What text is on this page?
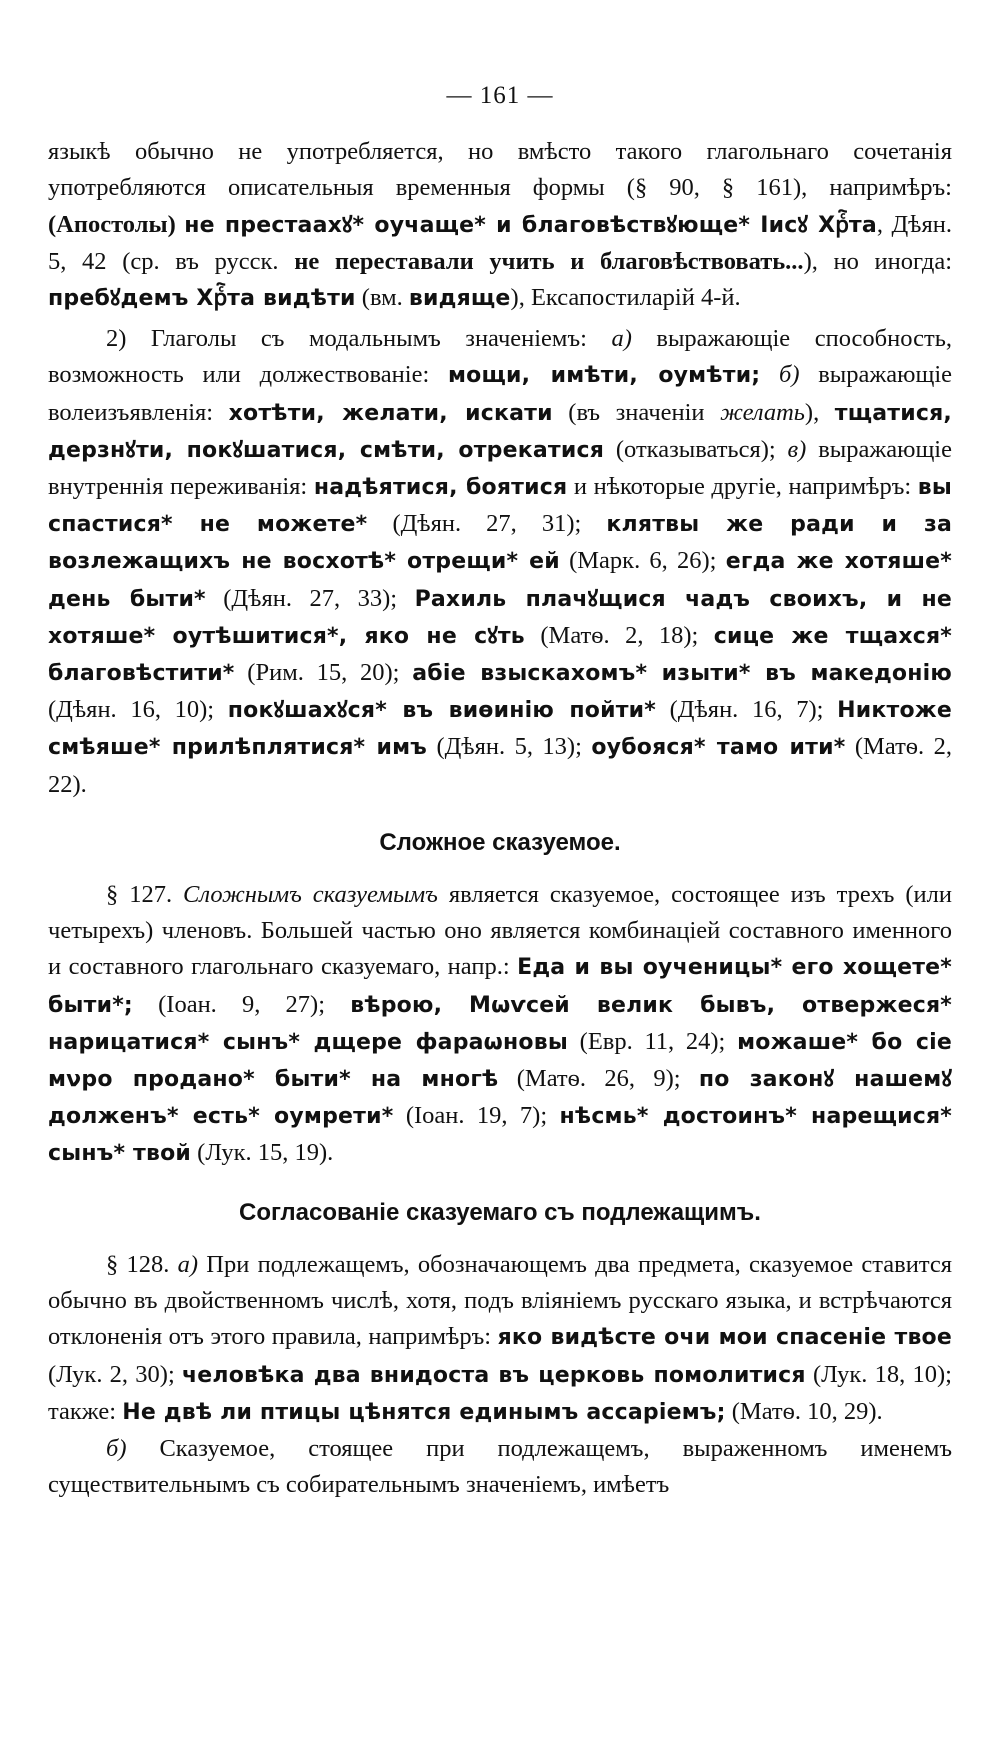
— 161 —

языкѣ обычно не употребляется, но вмѣсто такого глагольнаго сочетанія употребляются описательныя временныя формы (§ 90, § 161), напримѣръ: (Апостолы) не престаахꙋ* оучаще* и благовѣствꙋюще* Іисꙋ Хрⷭ҇та, Дѣян. 5, 42 (ср. въ русск. не переставали учить и благовѣствовать...), но иногда: пребꙋдемъ Хрⷭ҇та видѣти (вм. видяще), Ексапостиларій 4-й.

2) Глаголы съ модальнымъ значеніемъ: а) выражающіе способность, возможность или должествованіе: мощи, имѣти, оумѣти; б) выражающіе волеизъявленія: хотѣти, желати, искати (въ значеніи желать), тщатися, дерзнꙋти, покꙋшатися, смѣти, отрекатися (отказываться); в) выражающіе внутреннія переживанія: надѣятися, боятися и нѣкоторые другіе, напримѣръ: вы спастися* не можете* (Дѣян. 27, 31); клятвы же ради и за возлежащихъ не восхотѣ* отрещи* ей (Марк. 6, 26); егда же хотяше* день быти* (Дѣян. 27, 33); Рахиль плачꙋщися чадъ своихъ, и не хотяше* оутѣшитися*, яко не сꙋть (Матѳ. 2, 18); сице же тщахся* благовѣстити* (Рим. 15, 20); абіе взыскахомъ* изыти* въ македонію (Дѣян. 16, 10); покꙋшахꙋся* въ виѳинію пойти* (Дѣян. 16, 7); Никтоже смѣяше* прилѣплятися* имъ (Дѣян. 5, 13); оубояся* тамо ити* (Матѳ. 2, 22).

Сложное сказуемое.

§ 127. Сложнымъ сказуемымъ является сказуемое, состоящее изъ трехъ (или четырехъ) членовъ. Большей частью оно является комбинаціей составного именного и составного глагольнаго сказуемаго, напр.: Еда и вы оученицы* его хощете* быти*; (Іоан. 9, 27); вѣрою, Мωѵсей велик бывъ, отвержеся* нарицатися* сынъ* дщере фараωновы (Евр. 11, 24); можаше* бо сіе мνро продано* быти* на многѣ (Матѳ. 26, 9); по законꙋ нашемꙋ долженъ* есть* оумрети* (Іоан. 19, 7); нѣсмь* достоинъ* нарещися* сынъ* твой (Лук. 15, 19).

Согласованіе сказуемаго съ подлежащимъ.

§ 128. а) При подлежащемъ, обозначающемъ два предмета, сказуемое ставится обычно въ двойственномъ числѣ, хотя, подъ вліяніемъ русскаго языка, и встрѣчаются отклоненія отъ этого правила, напримѣръ: яко видѣсте очи мои спасеніе твое (Лук. 2, 30); человѣка два внидоста въ церковь помолитися (Лук. 18, 10); также: Не двѣ ли птицы цѣнятся единымъ ассаріемъ; (Матѳ. 10, 29).

б) Сказуемое, стоящее при подлежащемъ, выраженномъ именемъ существительнымъ съ собирательнымъ значеніемъ, имѣетъ
